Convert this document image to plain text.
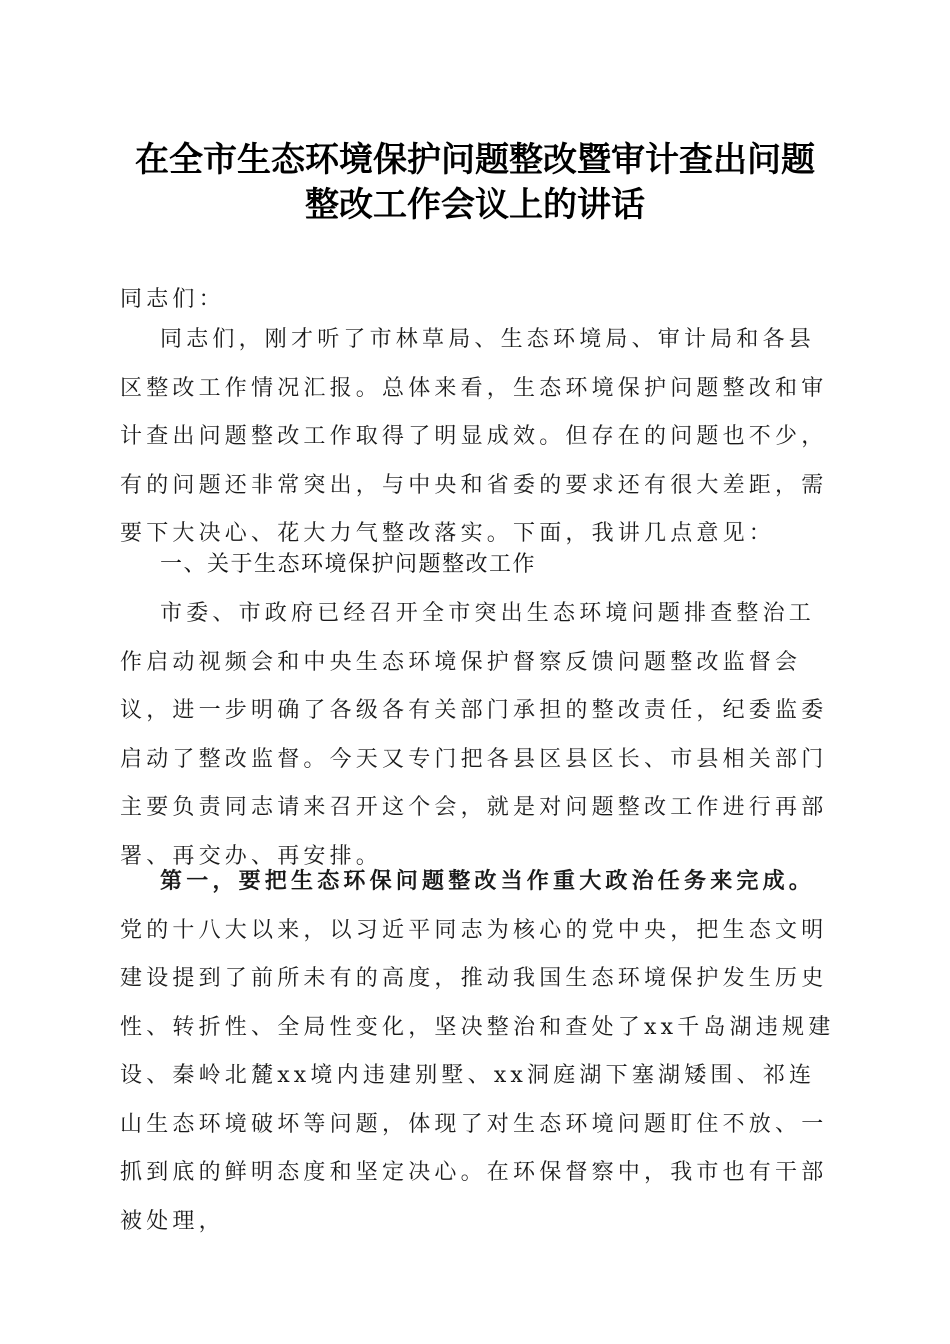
在全市生态环境保护问题整改暨审计查出问题
整改工作会议上的讲话
同志们：

同志们，刚才听了市林草局、生态环境局、审计局和各县区整改工作情况汇报。总体来看，生态环境保护问题整改和审计查出问题整改工作取得了明显成效。但存在的问题也不少，有的问题还非常突出，与中央和省委的要求还有很大差距，需要下大决心、花大力气整改落实。下面，我讲几点意见：

一、关于生态环境保护问题整改工作

市委、市政府已经召开全市突出生态环境问题排查整治工作启动视频会和中央生态环境保护督察反馈问题整改监督会议，进一步明确了各级各有关部门承担的整改责任，纪委监委启动了整改监督。今天又专门把各县区县区长、市县相关部门主要负责同志请来召开这个会，就是对问题整改工作进行再部署、再交办、再安排。

第一，要把生态环保问题整改当作重大政治任务来完成。党的十八大以来，以习近平同志为核心的党中央，把生态文明建设提到了前所未有的高度，推动我国生态环境保护发生历史性、转折性、全局性变化，坚决整治和查处了xx千岛湖违规建设、秦岭北麓xx境内违建别墅、xx洞庭湖下塞湖矮围、祁连山生态环境破坏等问题，体现了对生态环境问题盯住不放、一抓到底的鲜明态度和坚定决心。在环保督察中，我市也有干部被处理，
